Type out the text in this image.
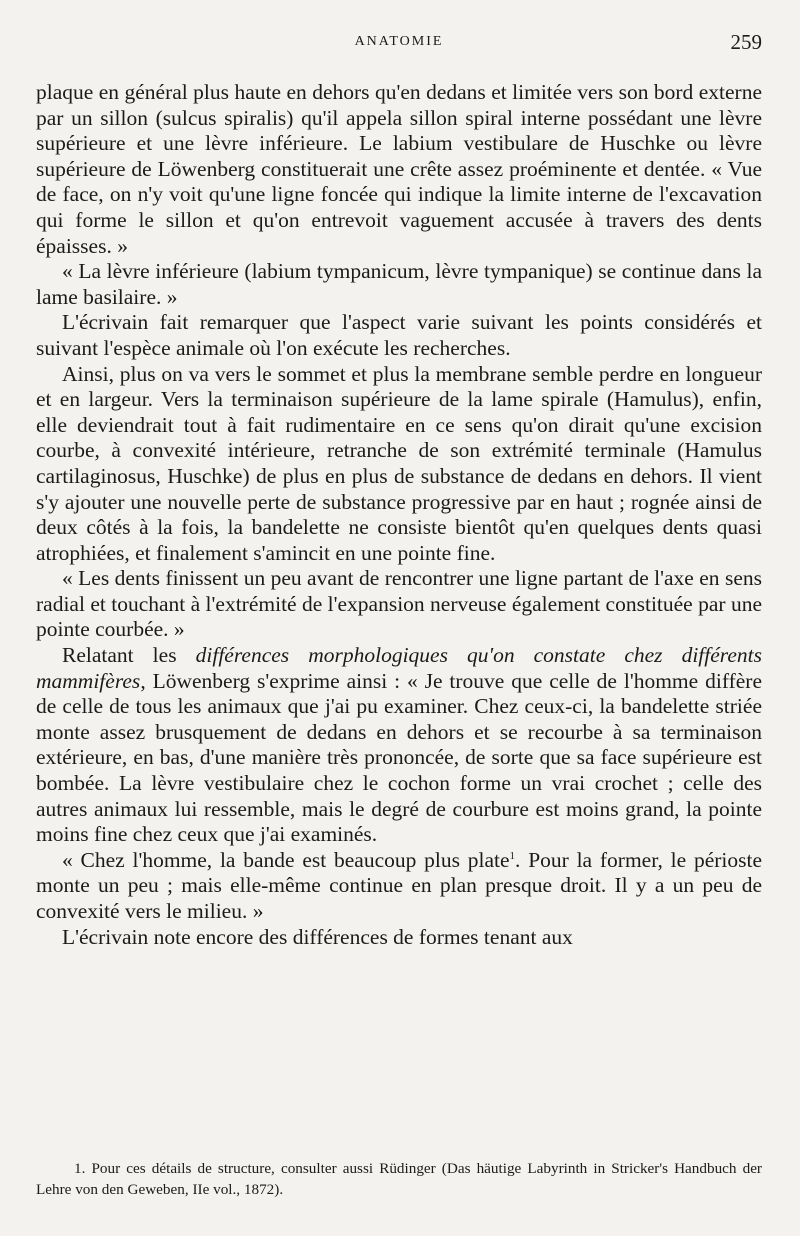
ANATOMIE	259

plaque en général plus haute en dehors qu'en dedans et limitée vers son bord externe par un sillon (sulcus spiralis) qu'il appela sillon spiral interne possédant une lèvre supérieure et une lèvre inférieure. Le labium vestibulare de Huschke ou lèvre supérieure de Löwenberg constituerait une crête assez proéminente et dentée. « Vue de face, on n'y voit qu'une ligne foncée qui indique la limite interne de l'excavation qui forme le sillon et qu'on entrevoit vaguement accusée à travers des dents épaisses. »

« La lèvre inférieure (labium tympanicum, lèvre tympanique) se continue dans la lame basilaire. »

L'écrivain fait remarquer que l'aspect varie suivant les points considérés et suivant l'espèce animale où l'on exécute les recherches.

Ainsi, plus on va vers le sommet et plus la membrane semble perdre en longueur et en largeur. Vers la terminaison supérieure de la lame spirale (Hamulus), enfin, elle deviendrait tout à fait rudimentaire en ce sens qu'on dirait qu'une excision courbe, à convexité intérieure, retranche de son extrémité terminale (Hamulus cartilaginosus, Huschke) de plus en plus de substance de dedans en dehors. Il vient s'y ajouter une nouvelle perte de substance progressive par en haut ; rognée ainsi de deux côtés à la fois, la bandelette ne consiste bientôt qu'en quelques dents quasi atrophiées, et finalement s'amincit en une pointe fine.

« Les dents finissent un peu avant de rencontrer une ligne partant de l'axe en sens radial et touchant à l'extrémité de l'expansion nerveuse également constituée par une pointe courbée. »

Relatant les différences morphologiques qu'on constate chez différents mammifères, Löwenberg s'exprime ainsi : « Je trouve que celle de l'homme diffère de celle de tous les animaux que j'ai pu examiner. Chez ceux-ci, la bandelette striée monte assez brusquement de dedans en dehors et se recourbe à sa terminaison extérieure, en bas, d'une manière très prononcée, de sorte que sa face supérieure est bombée. La lèvre vestibulaire chez le cochon forme un vrai crochet ; celle des autres animaux lui ressemble, mais le degré de courbure est moins grand, la pointe moins fine chez ceux que j'ai examinés.

« Chez l'homme, la bande est beaucoup plus plate$^1$. Pour la former, le périoste monte un peu ; mais elle-même continue en plan presque droit. Il y a un peu de convexité vers le milieu. »

L'écrivain note encore des différences de formes tenant aux

1. Pour ces détails de structure, consulter aussi Rüdinger (Das häutige Labyrinth in Stricker's Handbuch der Lehre von den Geweben, IIe vol., 1872).
